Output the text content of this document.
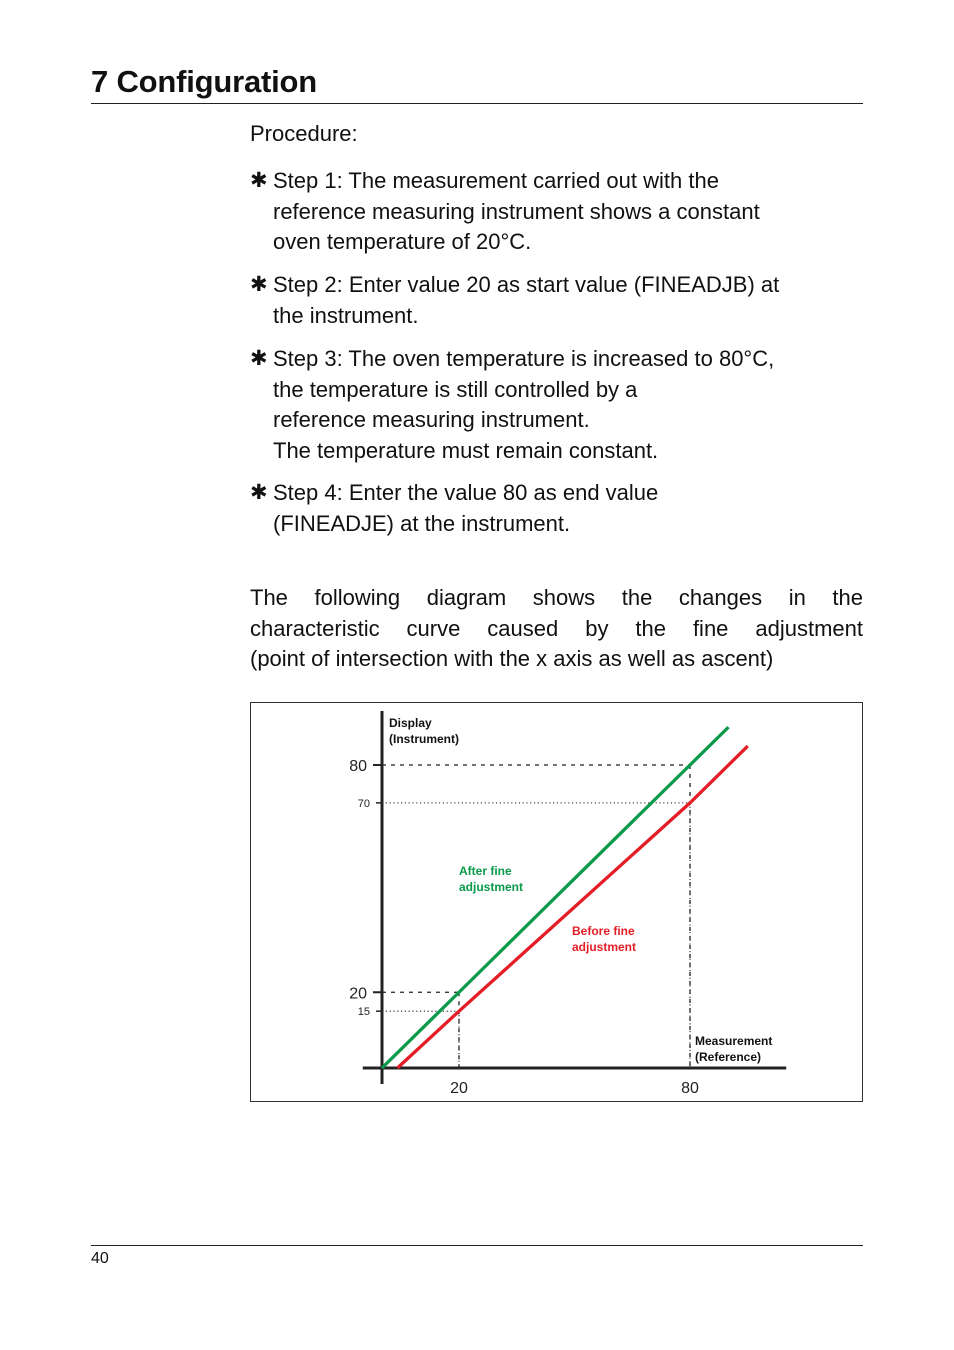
7 Configuration
Procedure:
✱ Step 1: The measurement carried out with the
reference measuring instrument shows a constant
oven temperature of 20°C.
✱ Step 2: Enter value 20 as start value (FINEADJB) at
the instrument.
✱ Step 3: The oven temperature is increased to 80°C,
the temperature is still controlled by a
reference measuring instrument.
The temperature must remain constant.
✱ Step 4: Enter the value 80 as end value
(FINEADJE) at the instrument.
The following diagram shows the changes in the
characteristic curve caused by the fine adjustment
(point of intersection with the x axis as well as ascent)
20
80
15
70
20	80
Display
(Instrument)
Measurement
(Reference)
After fine
adjustment
Before fine
adjustment
40
